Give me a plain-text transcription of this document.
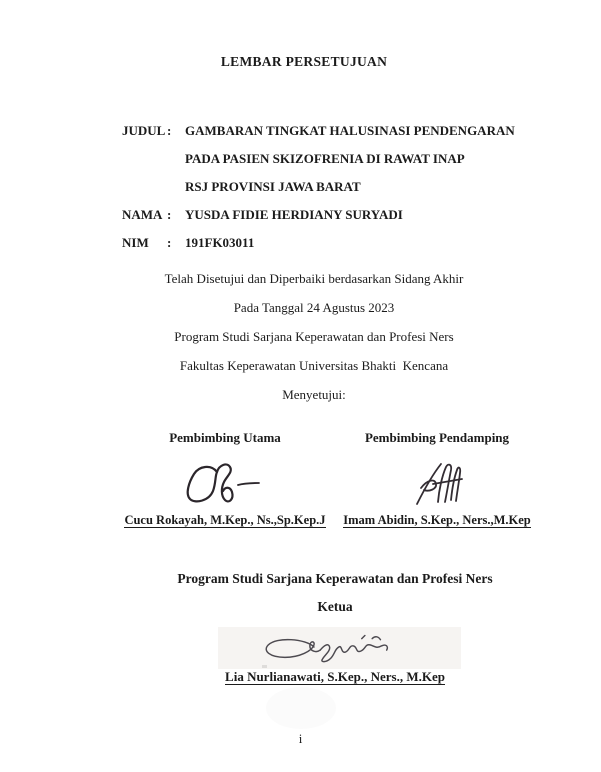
LEMBAR PERSETUJUAN
JUDUL :	GAMBARAN TINGKAT HALUSINASI PENDENGARAN
PADA PASIEN SKIZOFRENIA DI RAWAT INAP
RSJ PROVINSI JAWA BARAT
NAMA :	YUSDA FIDIE HERDIANY SURYADI
NIM	:	191FK03011
Telah Disetujui dan Diperbaiki berdasarkan Sidang Akhir
Pada Tanggal 24 Agustus 2023
Program Studi Sarjana Keperawatan dan Profesi Ners
Fakultas Keperawatan Universitas Bhakti  Kencana
Menyetujui:
Pembimbing Utama
Cucu Rokayah, M.Kep., Ns.,Sp.Kep.J
Pembimbing Pendamping
Imam Abidin, S.Kep., Ners.,M.Kep
Program Studi Sarjana Keperawatan dan Profesi Ners
Ketua
Lia Nurlianawati, S.Kep., Ners., M.Kep
i
